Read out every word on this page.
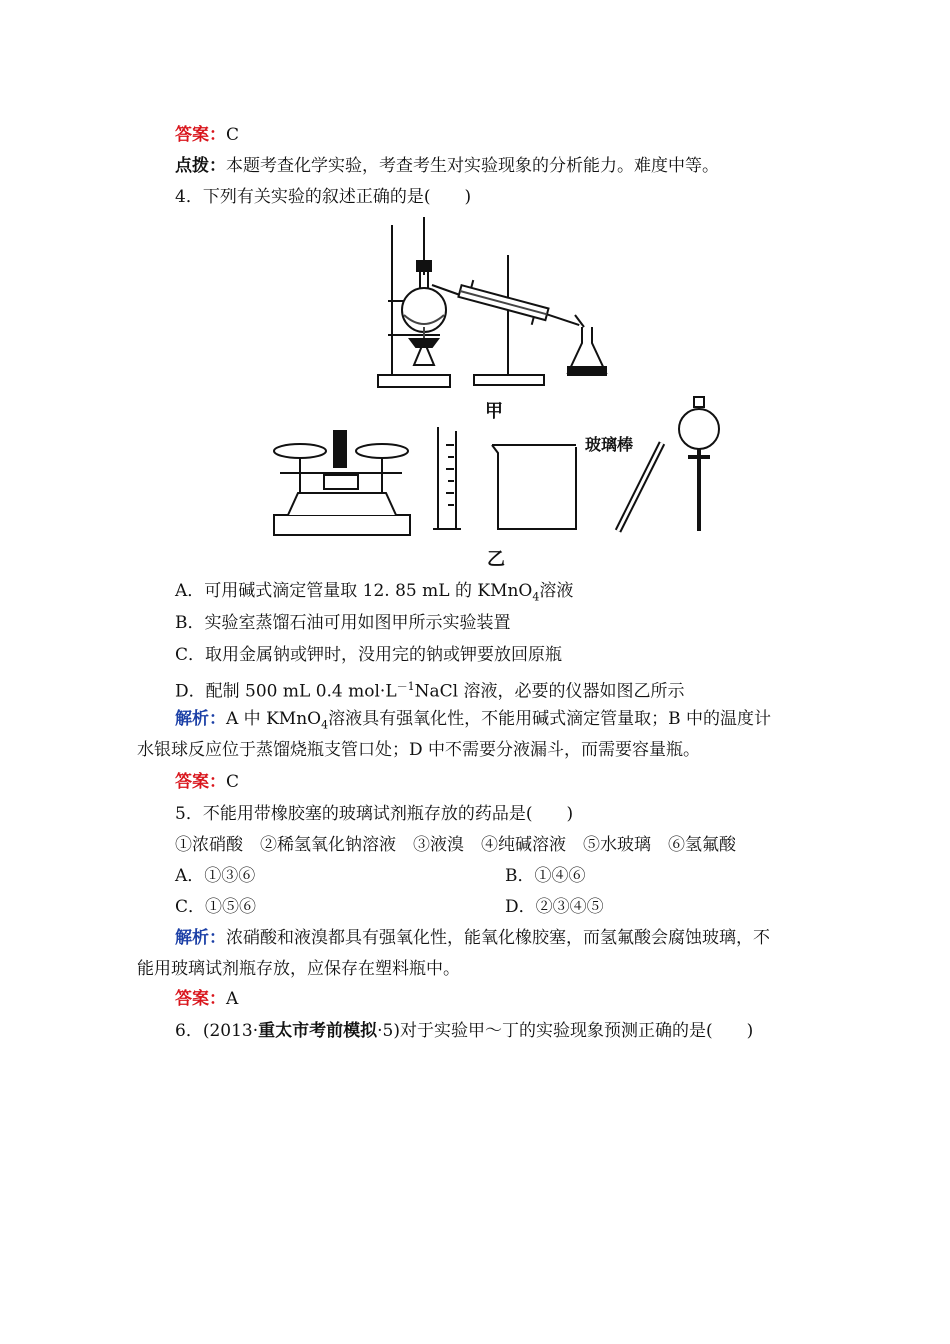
答案：C
点拨：本题考查化学实验，考查考生对实验现象的分析能力。难度中等。
4．下列有关实验的叙述正确的是(　　)
甲
玻璃棒
乙
A．可用碱式滴定管量取 12. 85 mL 的 KMnO$_4$溶液
B．实验室蒸馏石油可用如图甲所示实验装置
C．取用金属钠或钾时，没用完的钠或钾要放回原瓶
D．配制 500 mL 0.4 $mol\cdot L^{-1}NaCl$ 溶液，必要的仪器如图乙所示
解析：A 中 KMnO$_4$溶液具有强氧化性，不能用碱式滴定管量取；B 中的温度计
水银球反应位于蒸馏烧瓶支管口处；D 中不需要分液漏斗，而需要容量瓶。
答案：C
5．不能用带橡胶塞的玻璃试剂瓶存放的药品是(　　)
①浓硝酸　②稀氢氧化钠溶液　③液溴　④纯碱溶液　⑤水玻璃　⑥氢氟酸
A．①③⑥	B．①④⑥
C．①⑤⑥	D．②③④⑤
解析：浓硝酸和液溴都具有强氧化性，能氧化橡胶塞，而氢氟酸会腐蚀玻璃，不
能用玻璃试剂瓶存放，应保存在塑料瓶中。
答案：A
6．(2013·重太市考前模拟·5)对于实验甲～丁的实验现象预测正确的是(　　)
